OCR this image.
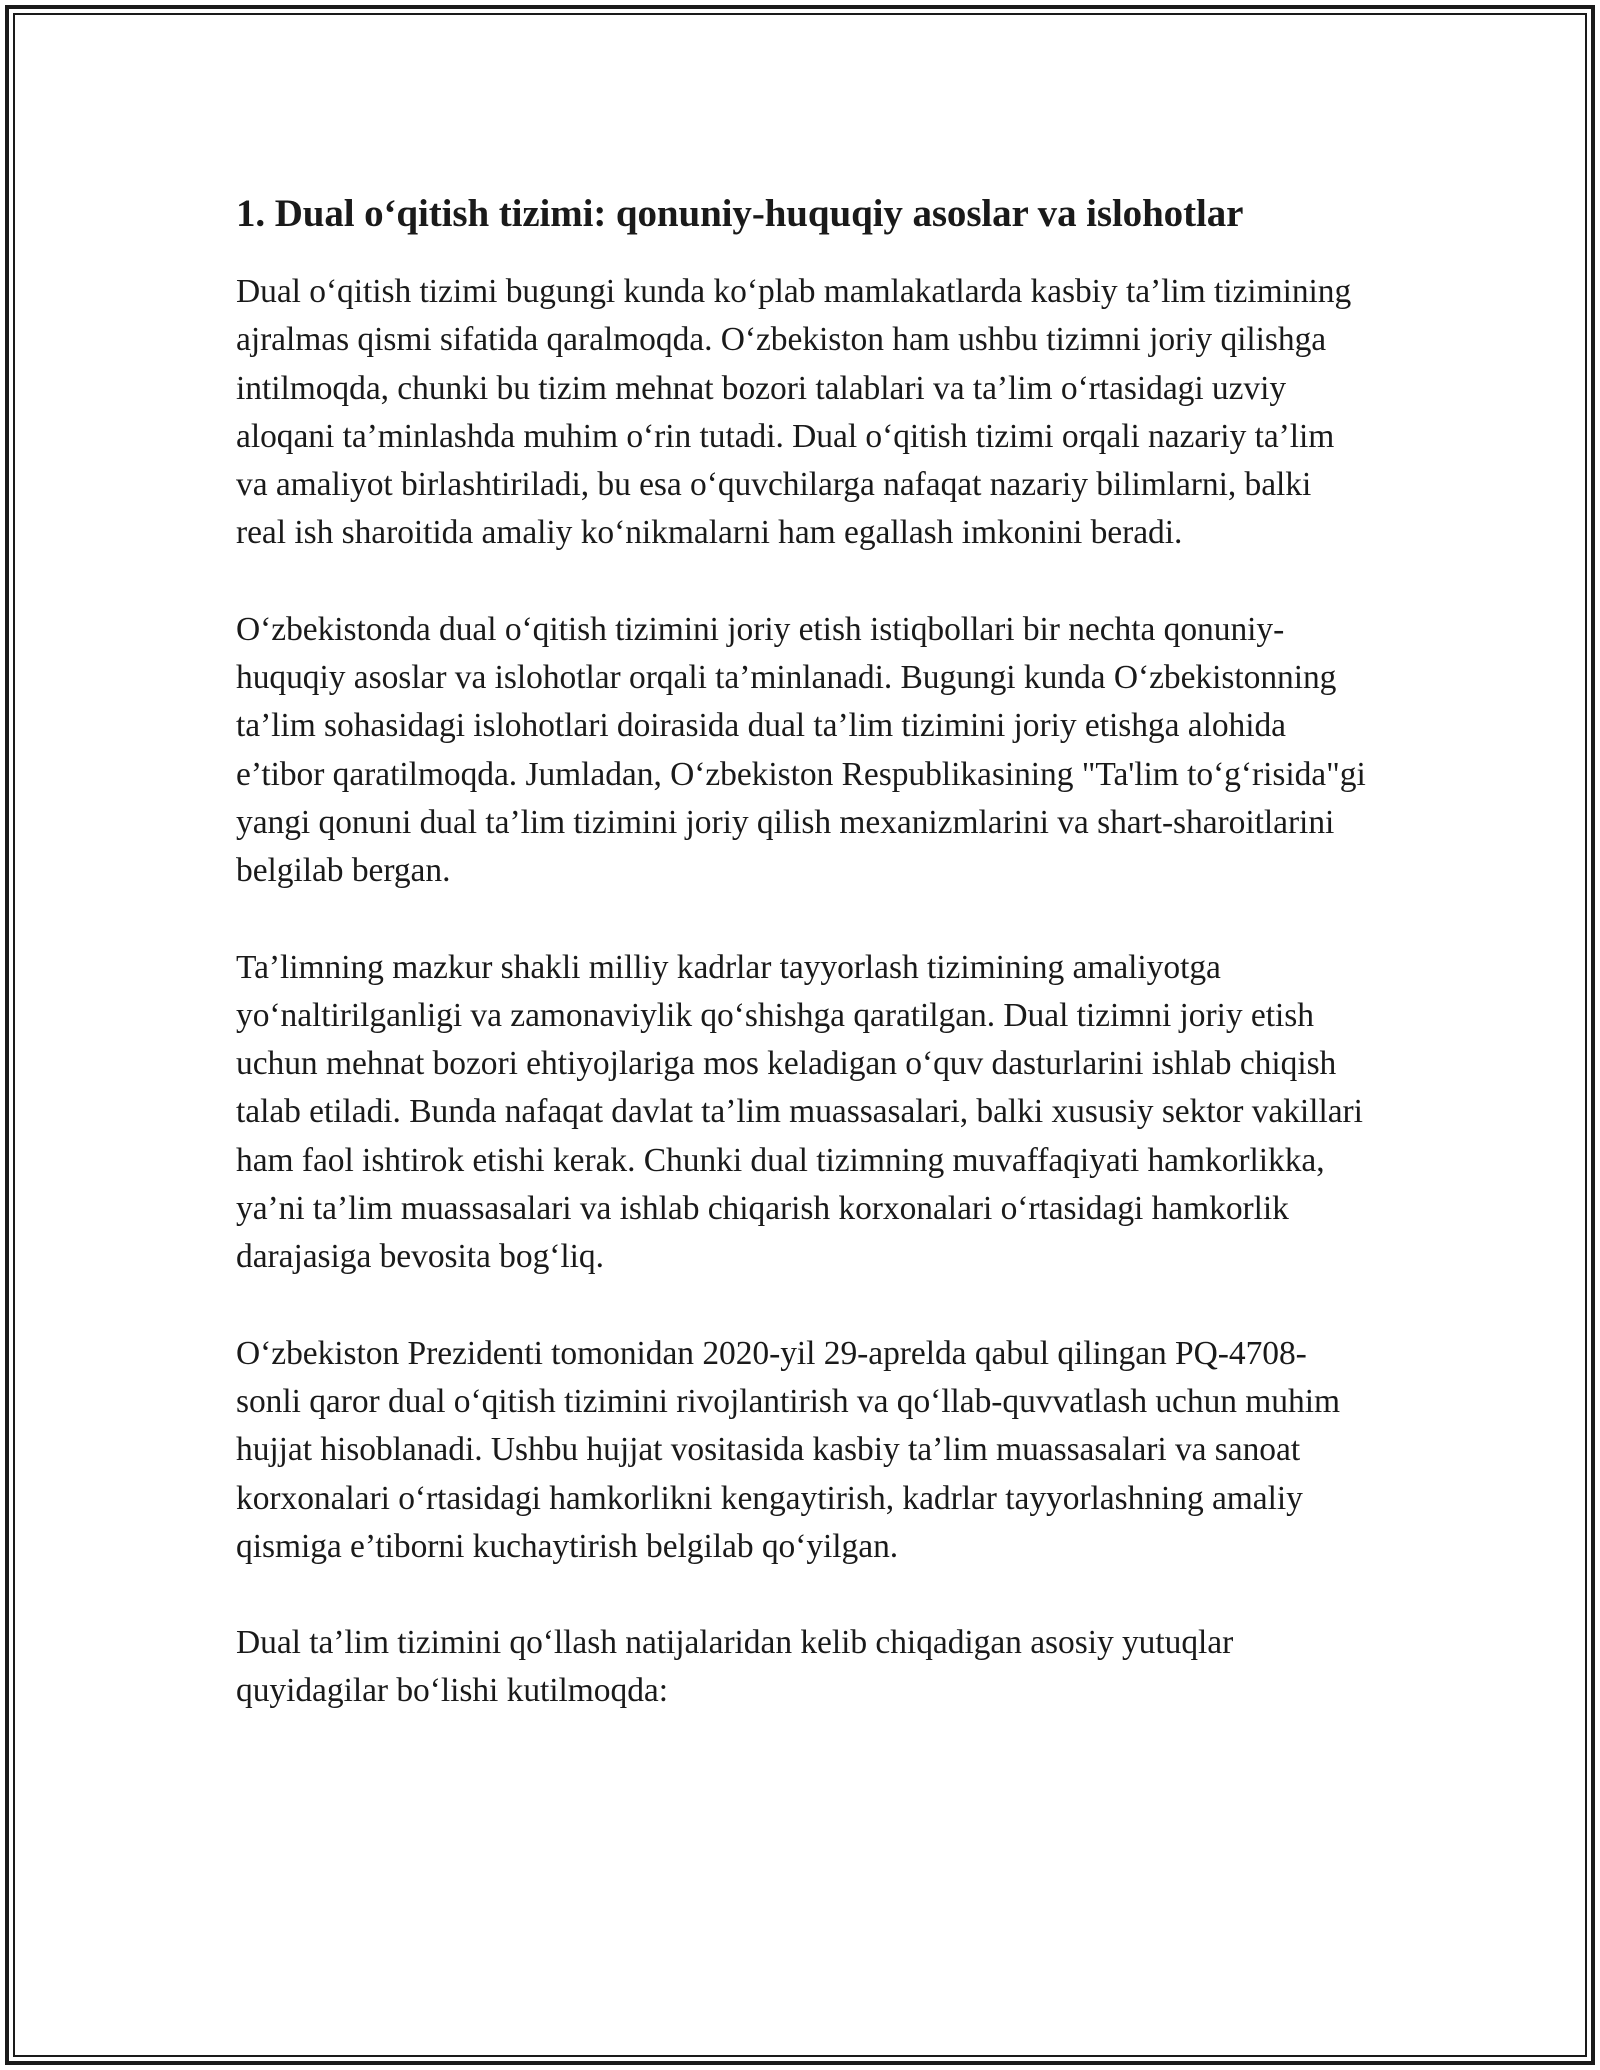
1. Dual o‘qitish tizimi: qonuniy-huquqiy asoslar va islohotlar

Dual o‘qitish tizimi bugungi kunda ko‘plab mamlakatlarda kasbiy ta’lim tizimining ajralmas qismi sifatida qaralmoqda. O‘zbekiston ham ushbu tizimni joriy qilishga intilmoqda, chunki bu tizim mehnat bozori talablari va ta’lim o‘rtasidagi uzviy aloqani ta’minlashda muhim o‘rin tutadi. Dual o‘qitish tizimi orqali nazariy ta’lim va amaliyot birlashtiriladi, bu esa o‘quvchilarga nafaqat nazariy bilimlarni, balki real ish sharoitida amaliy ko‘nikmalarni ham egallash imkonini beradi.

O‘zbekistonda dual o‘qitish tizimini joriy etish istiqbollari bir nechta qonuniy-huquqiy asoslar va islohotlar orqali ta’minlanadi. Bugungi kunda O‘zbekistonning ta’lim sohasidagi islohotlari doirasida dual ta’lim tizimini joriy etishga alohida e’tibor qaratilmoqda. Jumladan, O‘zbekiston Respublikasining "Ta'lim to‘g‘risida"gi yangi qonuni dual ta’lim tizimini joriy qilish mexanizmlarini va shart-sharoitlarini belgilab bergan.

Ta’limning mazkur shakli milliy kadrlar tayyorlash tizimining amaliyotga yo‘naltirilganligi va zamonaviylik qo‘shishga qaratilgan. Dual tizimni joriy etish uchun mehnat bozori ehtiyojlariga mos keladigan o‘quv dasturlarini ishlab chiqish talab etiladi. Bunda nafaqat davlat ta’lim muassasalari, balki xususiy sektor vakillari ham faol ishtirok etishi kerak. Chunki dual tizimning muvaffaqiyati hamkorlikka, ya’ni ta’lim muassasalari va ishlab chiqarish korxonalari o‘rtasidagi hamkorlik darajasiga bevosita bog‘liq.

O‘zbekiston Prezidenti tomonidan 2020-yil 29-aprelda qabul qilingan PQ-4708-sonli qaror dual o‘qitish tizimini rivojlantirish va qo‘llab-quvvatlash uchun muhim hujjat hisoblanadi. Ushbu hujjat vositasida kasbiy ta’lim muassasalari va sanoat korxonalari o‘rtasidagi hamkorlikni kengaytirish, kadrlar tayyorlashning amaliy qismiga e’tiborni kuchaytirish belgilab qo‘yilgan.

Dual ta’lim tizimini qo‘llash natijalaridan kelib chiqadigan asosiy yutuqlar quyidagilar bo‘lishi kutilmoqda:
